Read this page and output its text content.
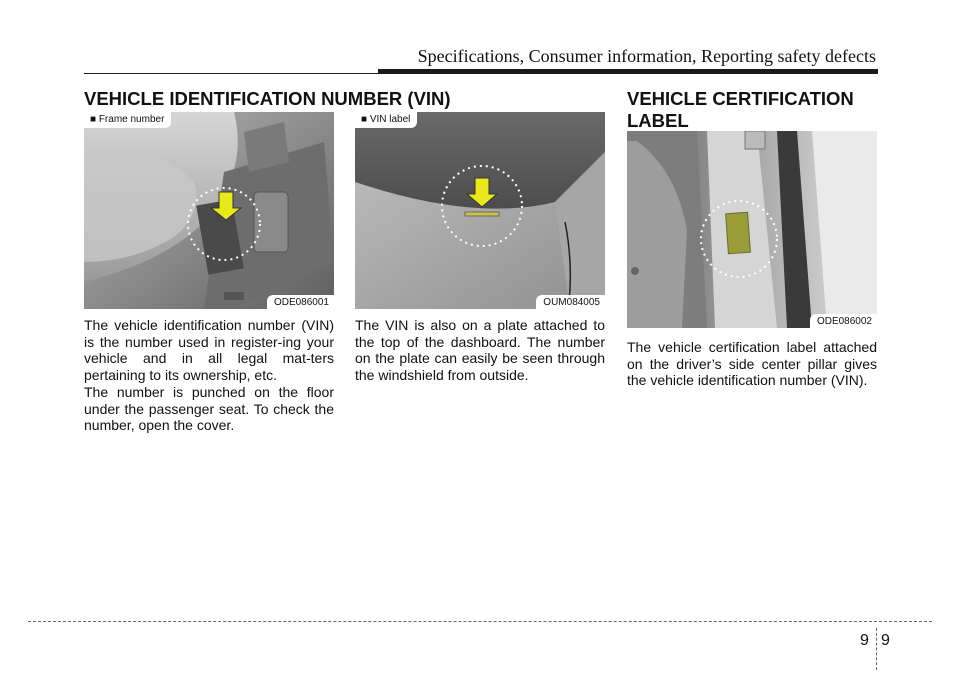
Specifications, Consumer information, Reporting safety defects
VEHICLE IDENTIFICATION NUMBER (VIN)	VEHICLE CERTIFICATION LABEL
■ Frame number
ODE086001
■ VIN label
OUM084005
ODE086002

The vehicle identification number (VIN) is the number used in register-ing your vehicle and in all legal mat-ters pertaining to its ownership, etc.

The number is punched on the floor under the passenger seat. To check the number, open the cover.

The VIN is also on a plate attached to the top of the dashboard. The number on the plate can easily be seen through the windshield from outside.

The vehicle certification label attached on the driver’s side center pillar gives the vehicle identification number (VIN).

9 9
